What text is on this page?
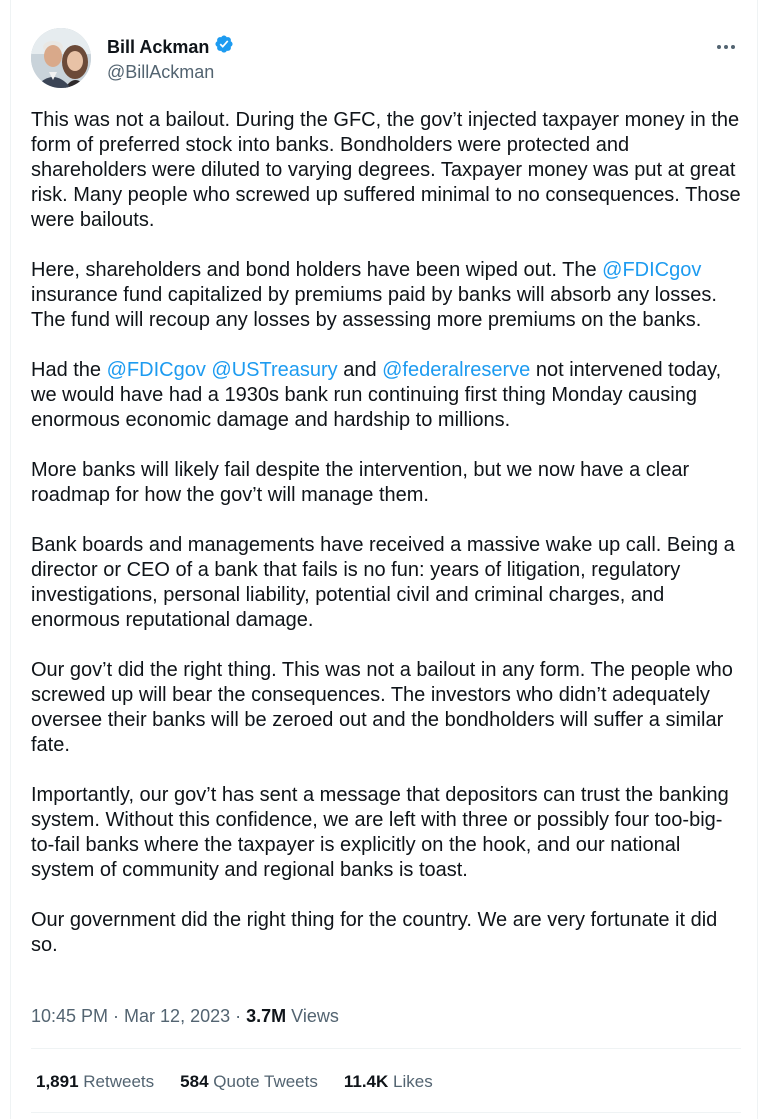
Bill Ackman
@BillAckman
This was not a bailout. During the GFC, the gov’t injected taxpayer money in the form of preferred stock into banks. Bondholders were protected and shareholders were diluted to varying degrees. Taxpayer money was put at great risk. Many people who screwed up suffered minimal to no consequences. Those were bailouts.
Here, shareholders and bond holders have been wiped out. The @FDICgov insurance fund capitalized by premiums paid by banks will absorb any losses. The fund will recoup any losses by assessing more premiums on the banks.
Had the @FDICgov @USTreasury and @federalreserve not intervened today, we would have had a 1930s bank run continuing first thing Monday causing enormous economic damage and hardship to millions.
More banks will likely fail despite the intervention, but we now have a clear roadmap for how the gov’t will manage them.
Bank boards and managements have received a massive wake up call. Being a director or CEO of a bank that fails is no fun: years of litigation, regulatory investigations, personal liability, potential civil and criminal charges, and enormous reputational damage.
Our gov’t did the right thing. This was not a bailout in any form. The people who screwed up will bear the consequences. The investors who didn’t adequately oversee their banks will be zeroed out and the bondholders will suffer a similar fate.
Importantly, our gov’t has sent a message that depositors can trust the banking system. Without this confidence, we are left with three or possibly four too-big-to-fail banks where the taxpayer is explicitly on the hook, and our national system of community and regional banks is toast.
Our government did the right thing for the country. We are very fortunate it did so.
10:45 PM · Mar 12, 2023 · 3.7M Views
1,891 Retweets 584 Quote Tweets 11.4K Likes
